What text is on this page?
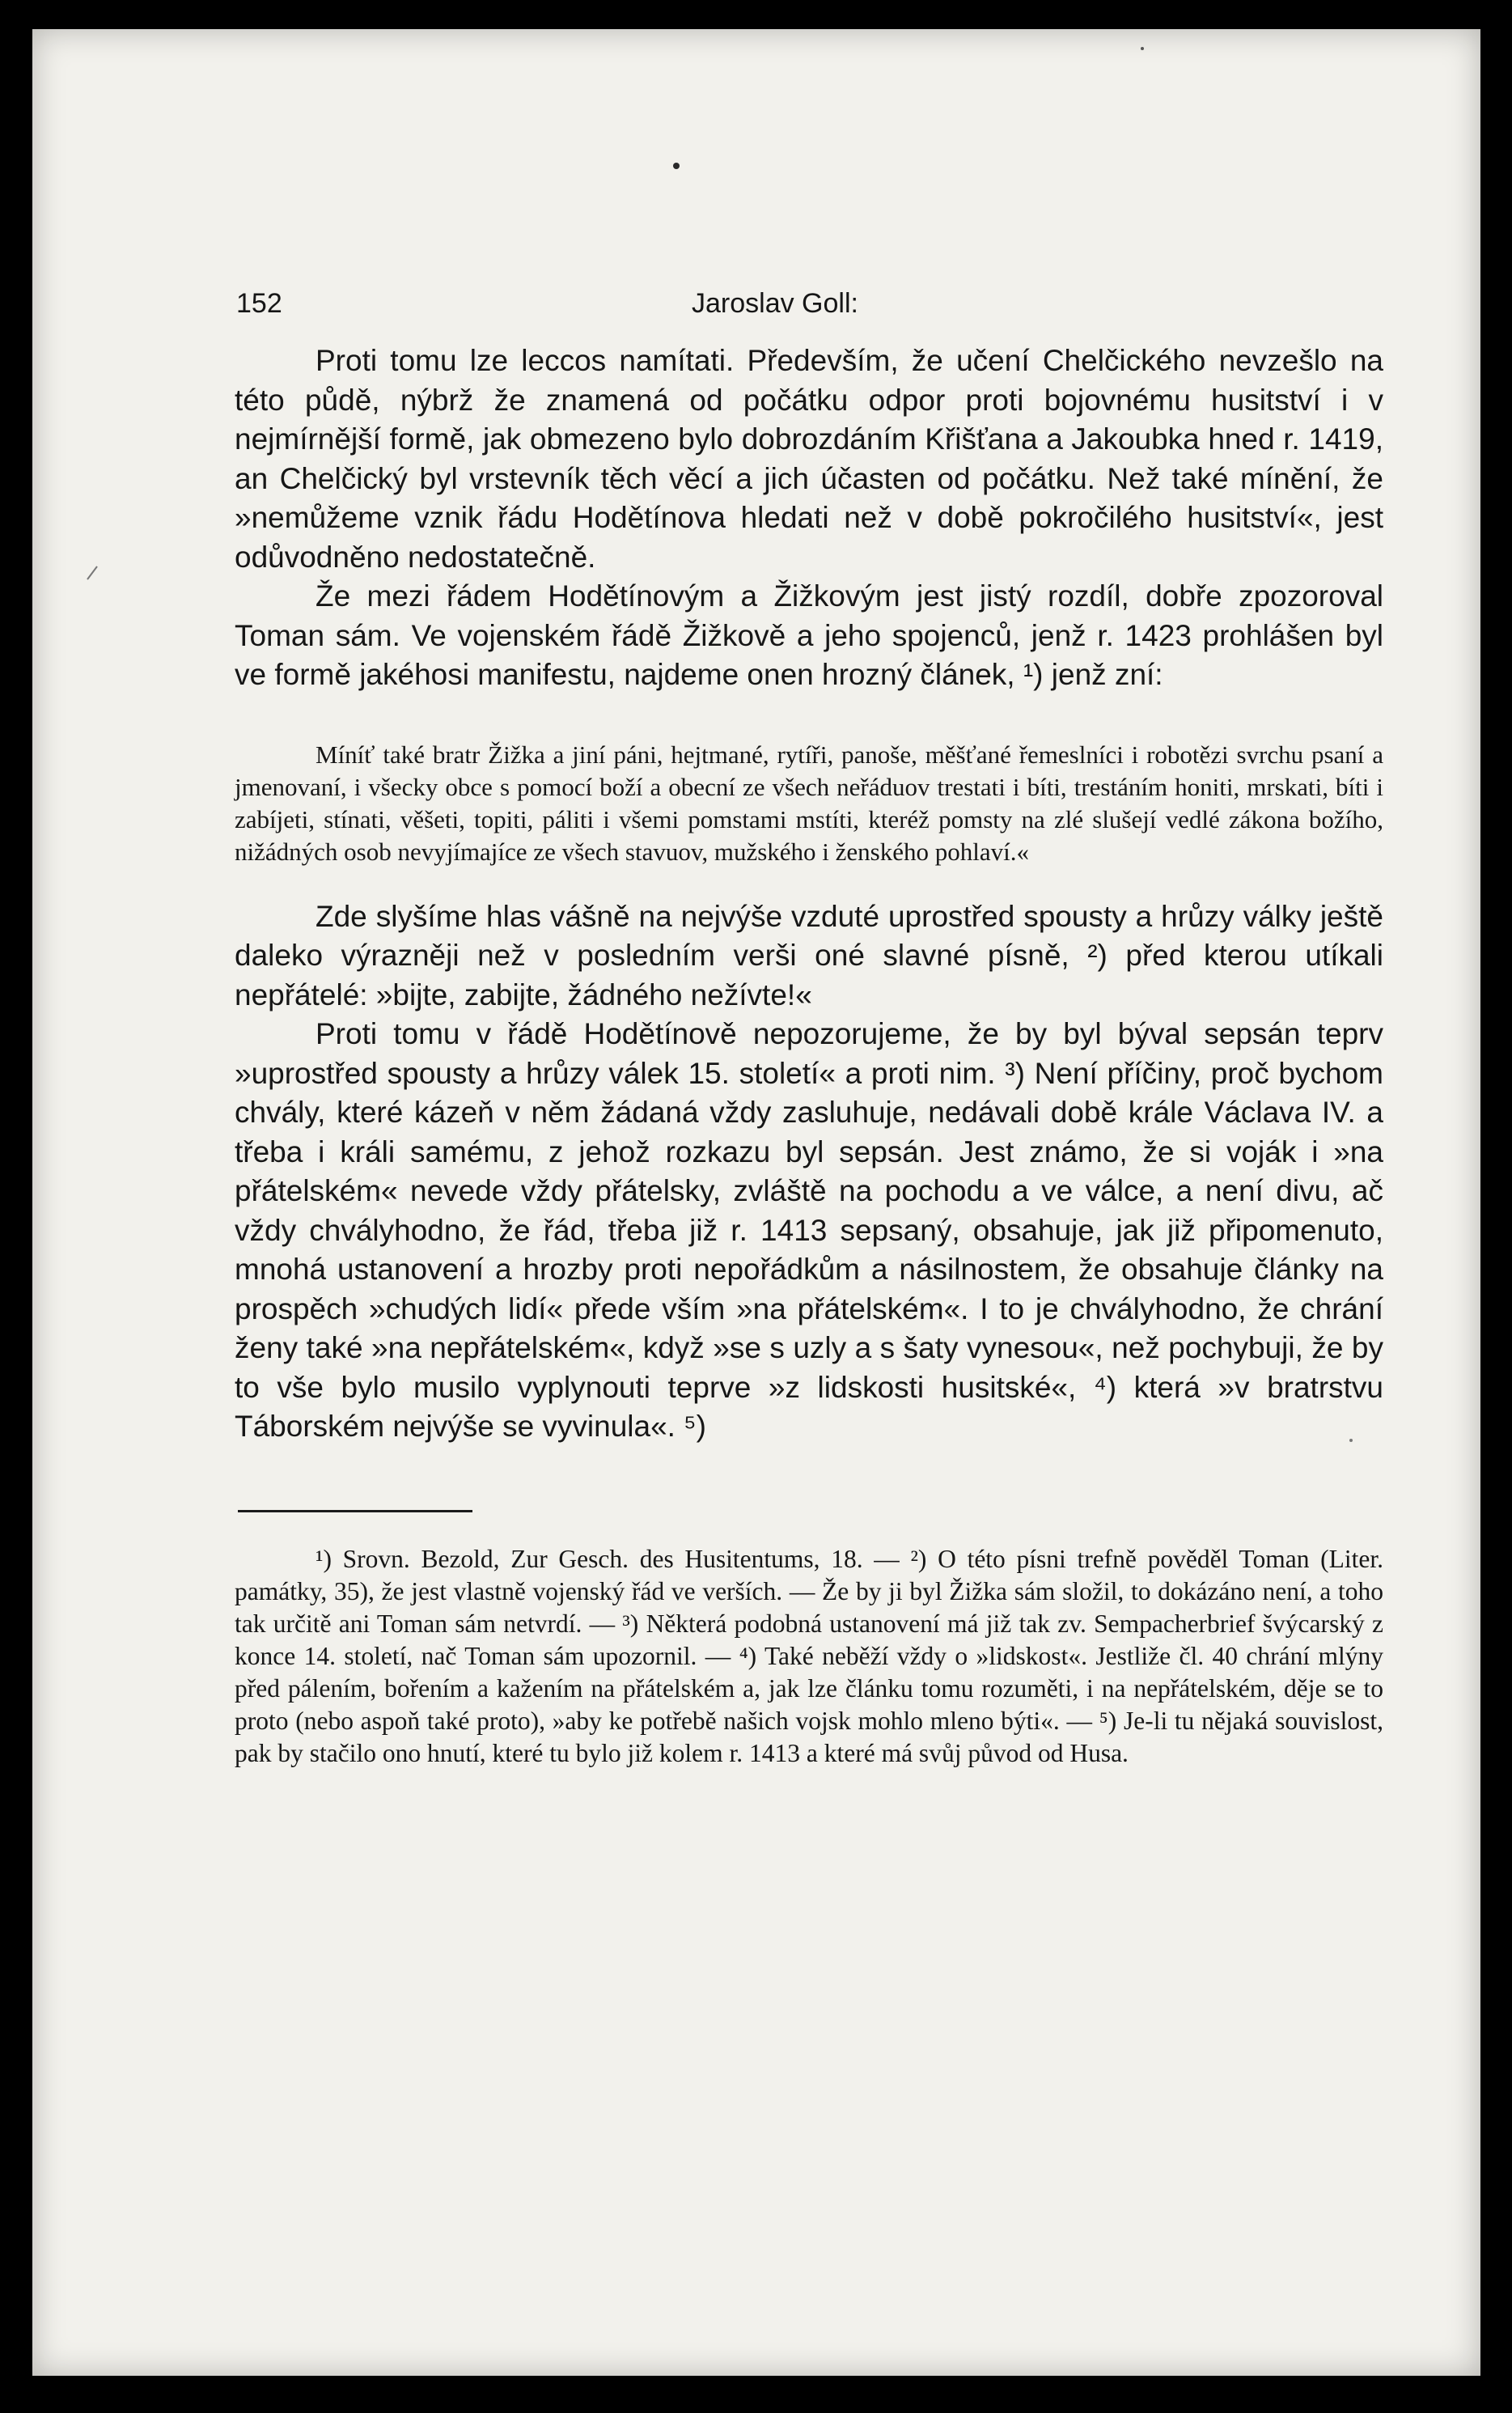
152	Jaroslav Goll:

Proti tomu lze leccos namítati. Především, že učení Chelčického nevzešlo na této půdě, nýbrž že znamená od počátku odpor proti bojovnému husitství i v nejmírnější formě, jak obmezeno bylo dobrozdáním Křišťana a Jakoubka hned r. 1419, an Chelčický byl vrstevník těch věcí a jich účasten od počátku. Než také mínění, že »nemůžeme vznik řádu Hodětínova hledati než v době pokročilého husitství«, jest odůvodněno nedostatečně.

Že mezi řádem Hodětínovým a Žižkovým jest jistý rozdíl, dobře zpozoroval Toman sám. Ve vojenském řádě Žižkově a jeho spojenců, jenž r. 1423 prohlášen byl ve formě jakéhosi manifestu, najdeme onen hrozný článek, ¹) jenž zní:

Míníť také bratr Žižka a jiní páni, hejtmané, rytíři, panoše, měšťané řemeslníci i robotězi svrchu psaní a jmenovaní, i všecky obce s pomocí boží a obecní ze všech neřáduov trestati i bíti, trestáním honiti, mrskati, bíti i zabíjeti, stínati, věšeti, topiti, páliti i všemi pomstami mstíti, kteréž pomsty na zlé slušejí vedlé zákona božího, nižádných osob nevyjímajíce ze všech stavuov, mužského i ženského pohlaví.«

Zde slyšíme hlas vášně na nejvýše vzduté uprostřed spousty a hrůzy války ještě daleko výrazněji než v posledním verši oné slavné písně, ²) před kterou utíkali nepřátelé: »bijte, zabijte, žádného nežívte!«

Proti tomu v řádě Hodětínově nepozorujeme, že by byl býval sepsán teprv »uprostřed spousty a hrůzy válek 15. století« a proti nim. ³) Není příčiny, proč bychom chvály, které kázeň v něm žádaná vždy zasluhuje, nedávali době krále Václava IV. a třeba i králi samému, z jehož rozkazu byl sepsán. Jest známo, že si voják i »na přátelském« nevede vždy přátelsky, zvláště na pochodu a ve válce, a není divu, ač vždy chvályhodno, že řád, třeba již r. 1413 sepsaný, obsahuje, jak již připomenuto, mnohá ustanovení a hrozby proti nepořádkům a násilnostem, že obsahuje články na prospěch »chudých lidí« přede vším »na přátelském«. I to je chvályhodno, že chrání ženy také »na nepřátelském«, když »se s uzly a s šaty vynesou«, než pochybuji, že by to vše bylo musilo vyplynouti teprve »z lidskosti husitské«, ⁴) která »v bratrstvu Táborském nejvýše se vyvinula«. ⁵)

¹) Srovn. Bezold, Zur Gesch. des Husitentums, 18. — ²) O této písni trefně pověděl Toman (Liter. památky, 35), že jest vlastně vojenský řád ve verších. — Že by ji byl Žižka sám složil, to dokázáno není, a toho tak určitě ani Toman sám netvrdí. — ³) Některá podobná ustanovení má již tak zv. Sempacherbrief švýcarský z konce 14. století, nač Toman sám upozornil. — ⁴) Také neběží vždy o »lidskost«. Jestliže čl. 40 chrání mlýny před pálením, bořením a kažením na přátelském a, jak lze článku tomu rozuměti, i na nepřátelském, děje se to proto (nebo aspoň také proto), »aby ke potřebě našich vojsk mohlo mleno býti«. — ⁵) Je-li tu nějaká souvislost, pak by stačilo ono hnutí, které tu bylo již kolem r. 1413 a které má svůj původ od Husa.
